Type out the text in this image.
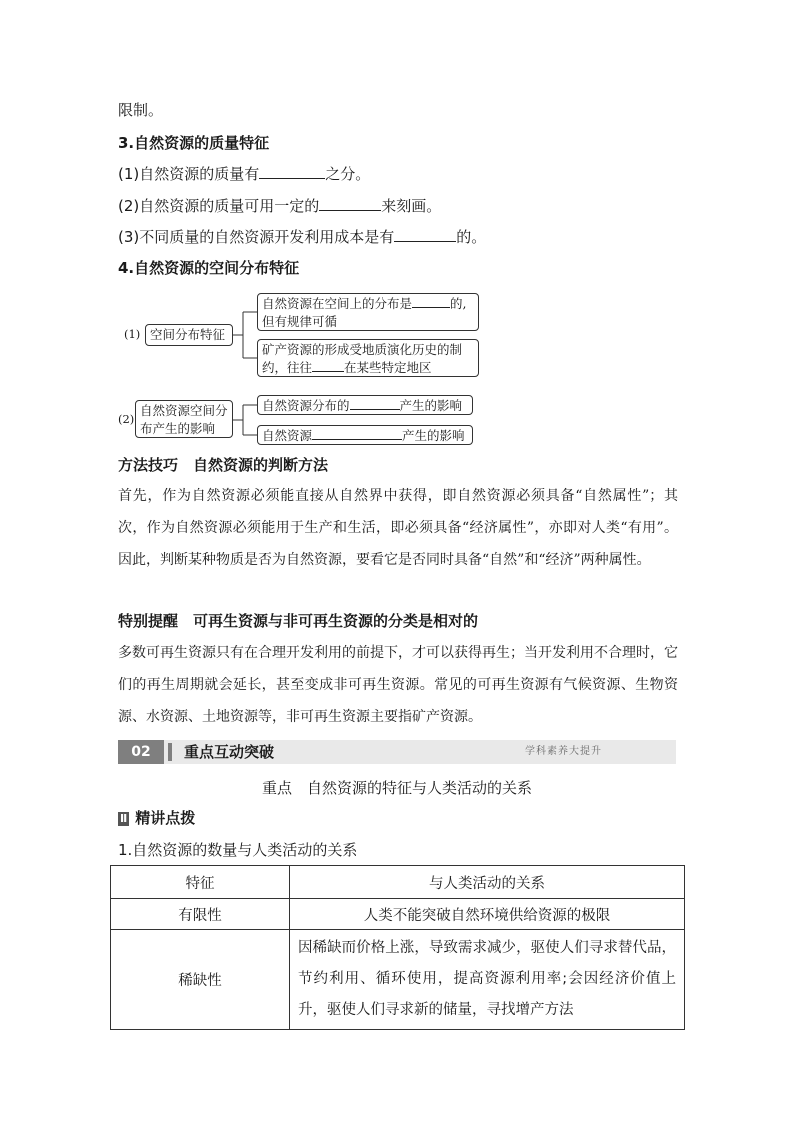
限制。
3.自然资源的质量特征
(1)自然资源的质量有	之分。
(2)自然资源的质量可用一定的	来刻画。
(3)不同质量的自然资源开发利用成本是有	的。
4.自然资源的空间分布特征
(1) 空间分布特征
自然资源在空间上的分布是	的,
但有规律可循
矿产资源的形成受地质演化历史的制
约，往往	在某些特定地区
(2)
自然资源空间分布产生的影响
自然资源分布的	产生的影响
自然资源	产生的影响
方法技巧　自然资源的判断方法
首先，作为自然资源必须能直接从自然界中获得，即自然资源必须具备“自然属性”；其次，作为自然资源必须能用于生产和生活，即必须具备“经济属性”，亦即对人类“有用”。因此，判断某种物质是否为自然资源，要看它是否同时具备“自然”和“经济”两种属性。
特别提醒　可再生资源与非可再生资源的分类是相对的
多数可再生资源只有在合理开发利用的前提下，才可以获得再生；当开发利用不合理时，它们的再生周期就会延长，甚至变成非可再生资源。常见的可再生资源有气候资源、生物资源、水资源、土地资源等，非可再生资源主要指矿产资源。
02	重点互动突破	学科素养大提升
重点　自然资源的特征与人类活动的关系
Ⅱ 精讲点拨
1.自然资源的数量与人类活动的关系
特征	与人类活动的关系
有限性	人类不能突破自然环境供给资源的极限
稀缺性	因稀缺而价格上涨，导致需求减少，驱使人们寻求替代品，节约利用、循环使用，提高资源利用率;会因经济价值上升，驱使人们寻求新的储量，寻找增产方法
